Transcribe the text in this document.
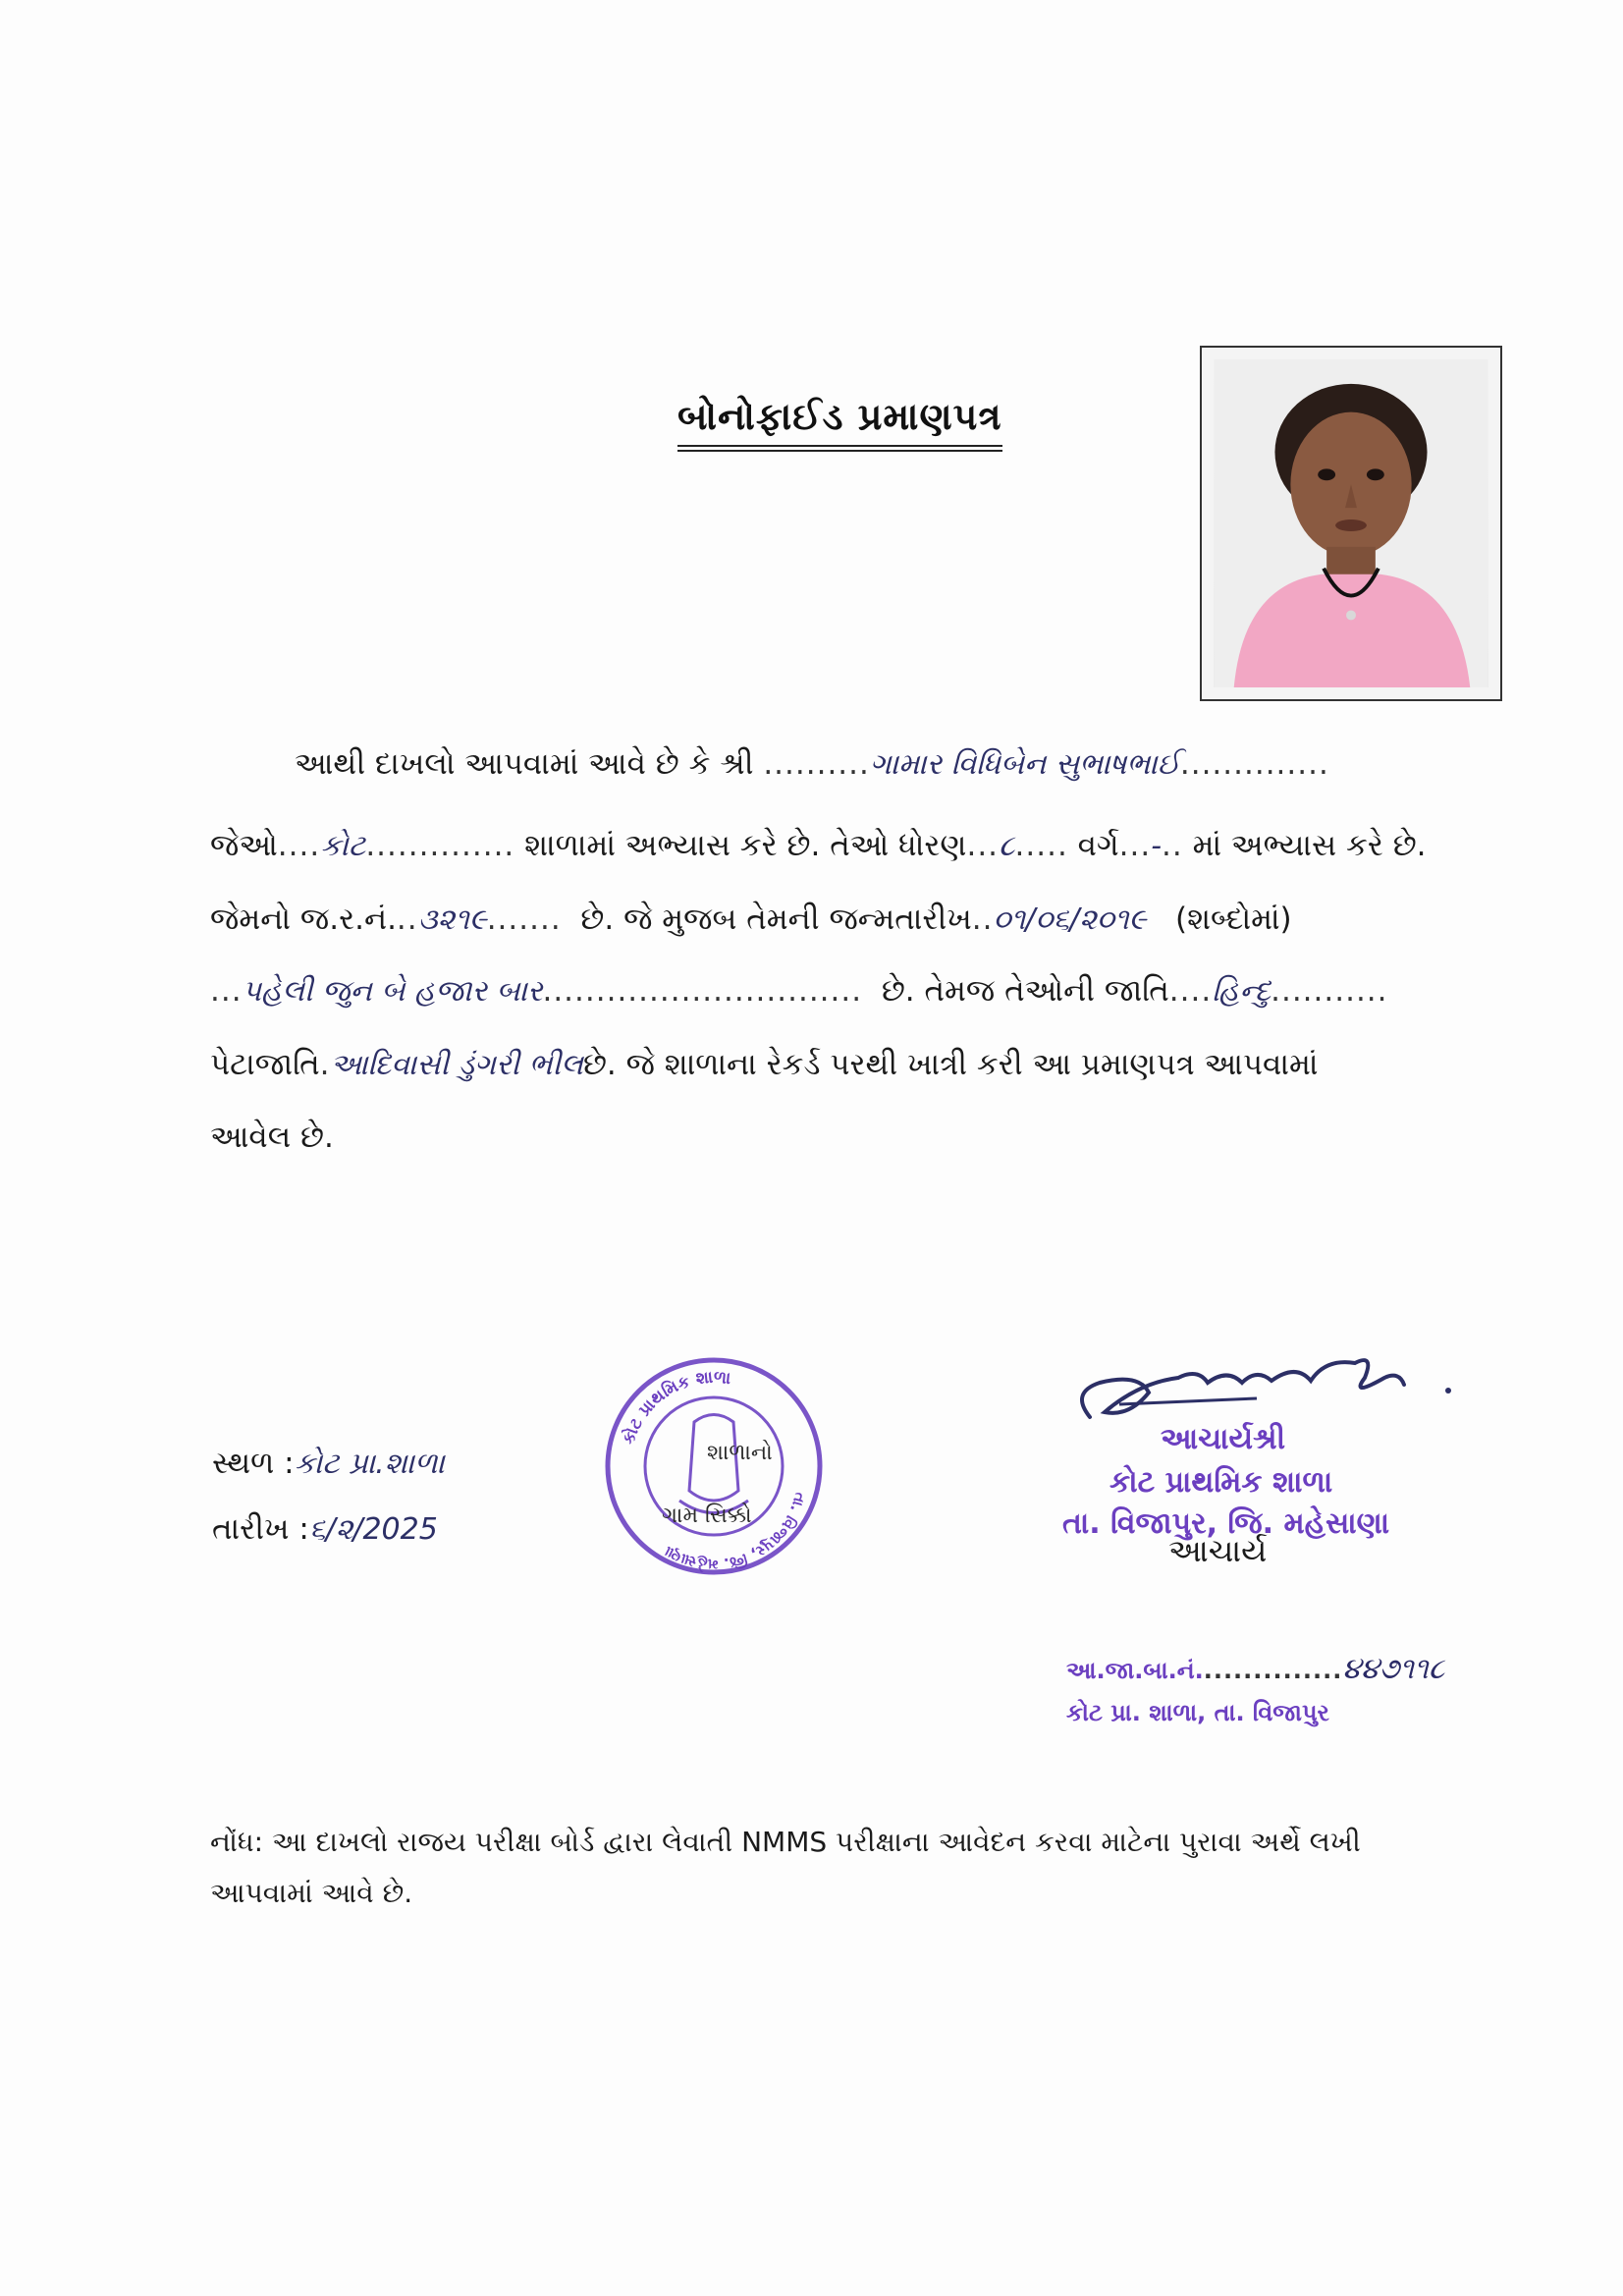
બોનોફાઈડ પ્રમાણપત્ર
આથી દાખલો આપવામાં આવે છે કે શ્રી ..........ગામાર વિધિબેન સુભાષભાઈ..............
જેઓ....કોટ.............. શાળામાં અભ્યાસ કરે છે. તેઓ ધોરણ...૮..... વર્ગ...-.. માં અભ્યાસ કરે છે.
જેમનો જ.ર.નં...૩૨૧૯....... છે. જે મુજબ તેમની જન્મતારીખ..૦૧/૦૬/૨૦૧૯ (શબ્દોમાં)
...પહેલી જુન બે હજાર બાર.............................. છે. તેમજ તેઓની જાતિ....હિન્દુ...........
પેટાજાતિ.આદિવાસી ડુંગરી ભીલછે. જે શાળાના રેકર્ડ પરથી ખાત્રી કરી આ પ્રમાણપત્ર આપવામાં
આવેલ છે.
સ્થળ :કોટ પ્રા.શાળા
તારીખ :૬/૨/2025
કોટ પ્રાથમિક શાળા
તા. વિજાપુર, જિ. મહેસાણા
શાળાનો
ગામ સિક્કો
આચાર્યશ્રી
કોટ પ્રાથમિક શાળા
તા. વિજાપુર, જિ. મહેસાણા
આચાર્ય
આ.જા.બા.નં...............૪૪૭૧૧૮
કોટ પ્રા. શાળા, તા. વિજાપુર
નોંધ: આ દાખલો રાજય પરીક્ષા બોર્ડ દ્વારા લેવાતી NMMS પરીક્ષાના આવેદન કરવા માટેના પુરાવા અર્થે લખી આપવામાં આવે છે.
